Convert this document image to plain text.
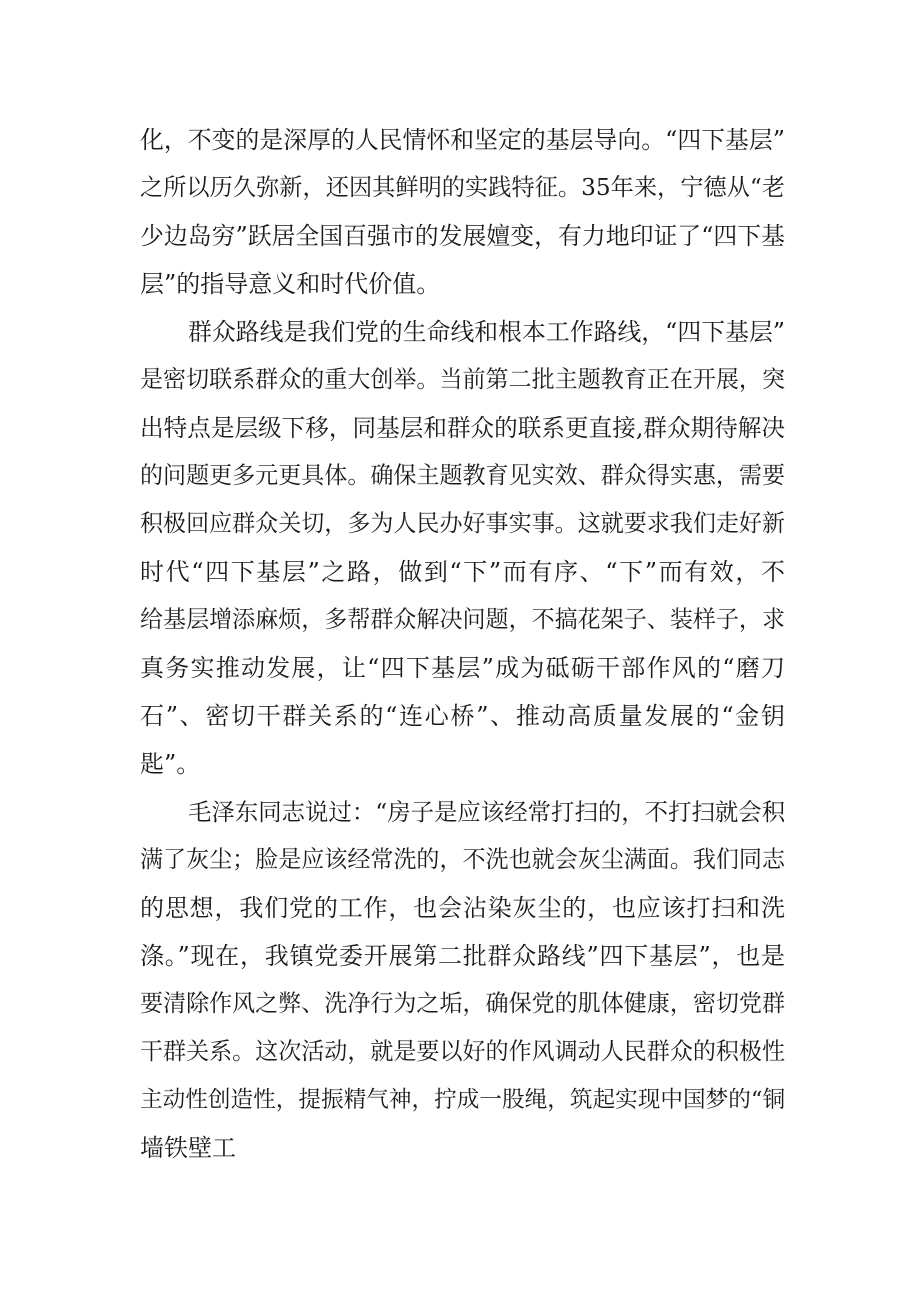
化，不变的是深厚的人民情怀和坚定的基层导向。“四下基层”
之所以历久弥新，还因其鲜明的实践特征。35年来，宁德从“老
少边岛穷”跃居全国百强市的发展嬗变，有力地印证了“四下基
层”的指导意义和时代价值。
群众路线是我们党的生命线和根本工作路线，“四下基层”
是密切联系群众的重大创举。当前第二批主题教育正在开展，突
出特点是层级下移，同基层和群众的联系更直接,群众期待解决
的问题更多元更具体。确保主题教育见实效、群众得实惠，需要
积极回应群众关切，多为人民办好事实事。这就要求我们走好新
时代“四下基层”之路，做到“下”而有序、“下”而有效，不
给基层增添麻烦，多帮群众解决问题，不搞花架子、装样子，求
真务实推动发展，让“四下基层”成为砥砺干部作风的“磨刀
石”、密切干群关系的“连心桥”、推动高质量发展的“金钥
匙”。
毛泽东同志说过：“房子是应该经常打扫的，不打扫就会积
满了灰尘；脸是应该经常洗的，不洗也就会灰尘满面。我们同志
的思想，我们党的工作，也会沾染灰尘的，也应该打扫和洗
涤。”现在，我镇党委开展第二批群众路线”四下基层”，也是
要清除作风之弊、洗净行为之垢，确保党的肌体健康，密切党群
干群关系。这次活动，就是要以好的作风调动人民群众的积极性
主动性创造性，提振精气神，拧成一股绳，筑起实现中国梦的“铜
墙铁壁工
